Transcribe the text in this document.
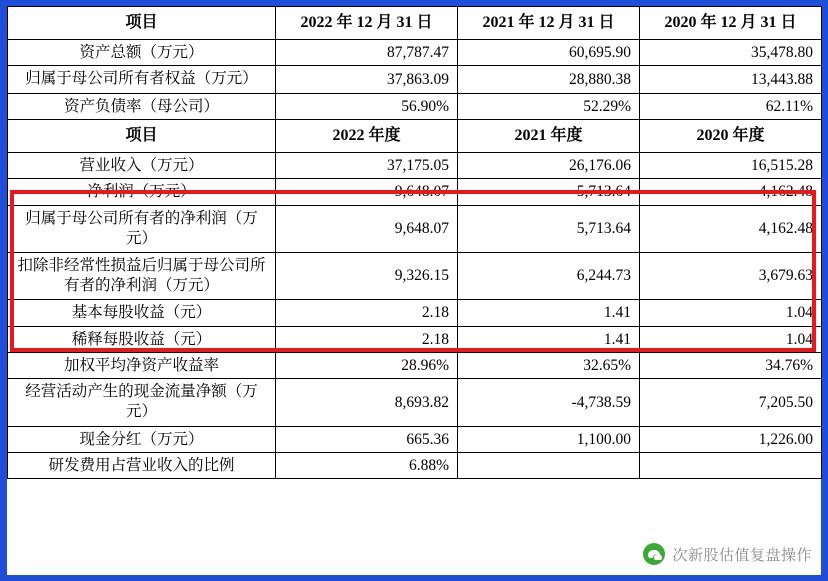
项目	2022 年 12 月 31 日	2021 年 12 月 31 日	2020 年 12 月 31 日
资产总额（万元）	87,787.47	60,695.90	35,478.80
归属于母公司所有者权益（万元）	37,863.09	28,880.38	13,443.88
资产负债率（母公司）	56.90%	52.29%	62.11%
项目	2022 年度	2021 年度	2020 年度
营业收入（万元）	37,175.05	26,176.06	16,515.28
净利润（万元）	9,648.07	5,713.64	4,162.48
归属于母公司所有者的净利润（万元）	9,648.07	5,713.64	4,162.48
扣除非经常性损益后归属于母公司所有者的净利润（万元）	9,326.15	6,244.73	3,679.63
基本每股收益（元）	2.18	1.41	1.04
稀释每股收益（元）	2.18	1.41	1.04
加权平均净资产收益率	28.96%	32.65%	34.76%
经营活动产生的现金流量净额（万元）	8,693.82	-4,738.59	7,205.50
现金分红（万元）	665.36	1,100.00	1,226.00
研发费用占营业收入的比例	6.88%		
次新股估值复盘操作
